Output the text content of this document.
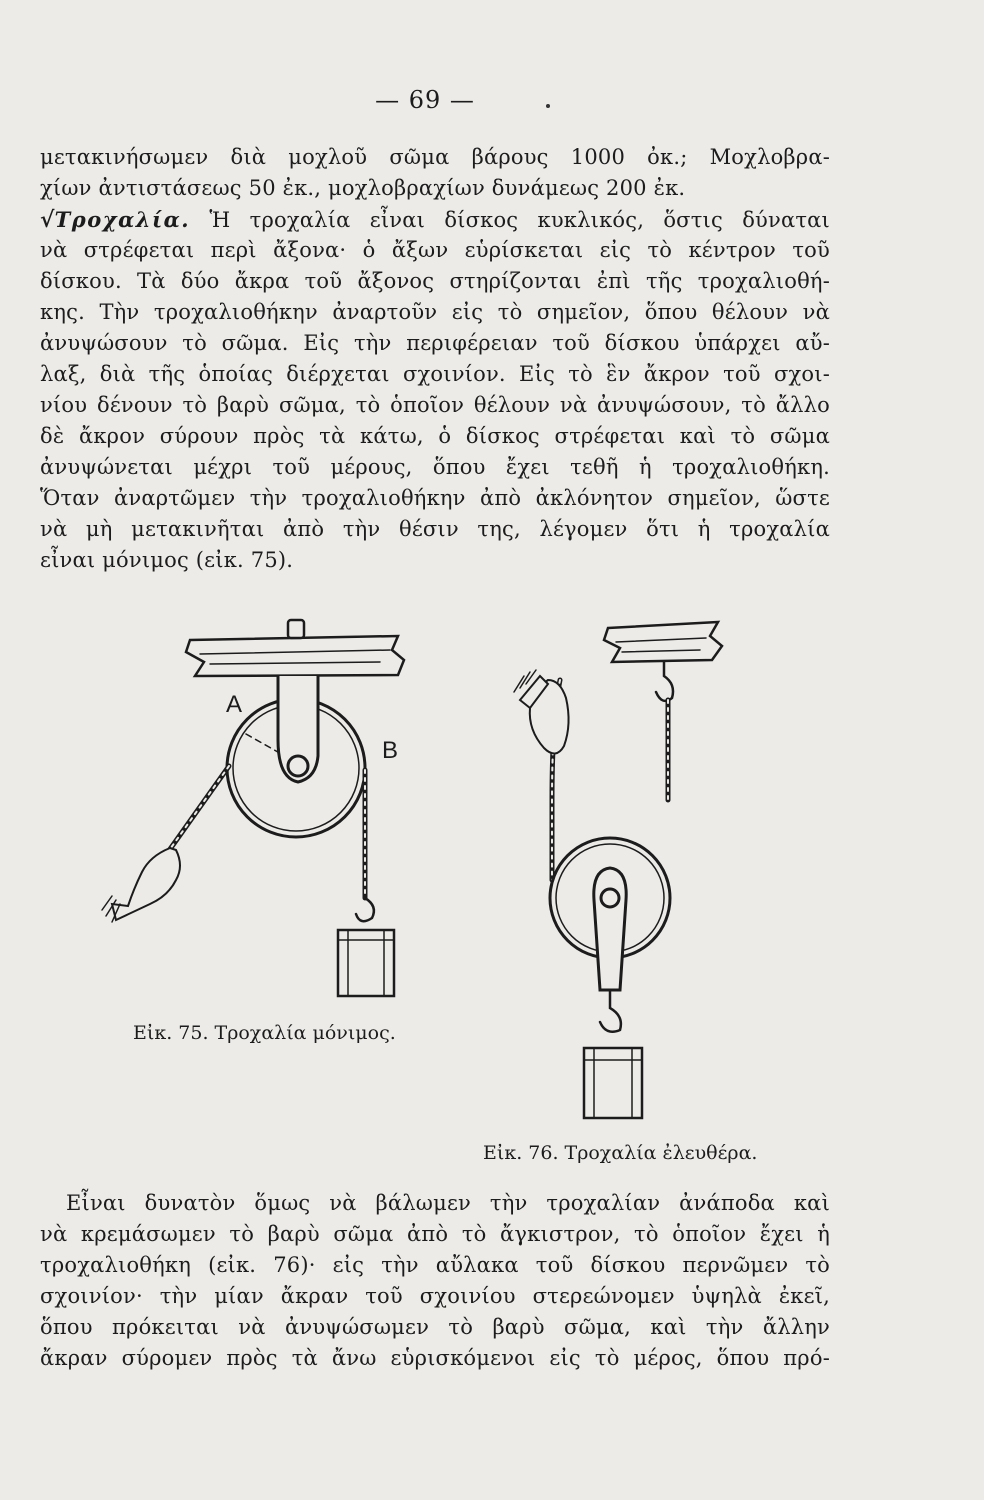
— 69 —
μετακινήσωμεν διὰ μοχλοῦ σῶμα βάρους 1000 ὀκ.; Μοχλοβρα-
χίων ἀντιστάσεως 50 ἐκ., μοχλοβραχίων δυνάμεως 200 ἐκ.
√Τροχαλία. Ἡ τροχαλία εἶναι δίσκος κυκλικός, ὅστις δύναται
νὰ στρέφεται περὶ ἄξονα· ὁ ἄξων εὑρίσκεται εἰς τὸ κέντρον τοῦ
δίσκου. Τὰ δύο ἄκρα τοῦ ἄξονος στηρίζονται ἐπὶ τῆς τροχαλιοθή-
κης. Τὴν τροχαλιοθήκην ἀναρτοῦν εἰς τὸ σημεῖον, ὅπου θέλουν νὰ
ἀνυψώσουν τὸ σῶμα. Εἰς τὴν περιφέρειαν τοῦ δίσκου ὑπάρχει αὔ-
λαξ, διὰ τῆς ὁποίας διέρχεται σχοινίον. Εἰς τὸ ἓν ἄκρον τοῦ σχοι-
νίου δένουν τὸ βαρὺ σῶμα, τὸ ὁποῖον θέλουν νὰ ἀνυψώσουν, τὸ ἄλλο
δὲ ἄκρον σύρουν πρὸς τὰ κάτω, ὁ δίσκος στρέφεται καὶ τὸ σῶμα
ἀνυψώνεται μέχρι τοῦ μέρους, ὅπου ἔχει τεθῆ ἡ τροχαλιοθήκη.
Ὅταν ἀναρτῶμεν τὴν τροχαλιοθήκην ἀπὸ ἀκλόνητον σημεῖον, ὥστε
νὰ μὴ μετακινῆται ἀπὸ τὴν θέσιν της, λέγομεν ὅτι ἡ τροχαλία
εἶναι μόνιμος (εἰκ. 75).
A
B
Εἰκ. 75. Τροχαλία μόνιμος.
Εἰκ. 76. Τροχαλία ἐλευθέρα.
Εἶναι δυνατὸν ὅμως νὰ βάλωμεν τὴν τροχαλίαν ἀνάποδα καὶ
νὰ κρεμάσωμεν τὸ βαρὺ σῶμα ἀπὸ τὸ ἄγκιστρον, τὸ ὁποῖον ἔχει ἡ
τροχαλιοθήκη (εἰκ. 76)· εἰς τὴν αὔλακα τοῦ δίσκου περνῶμεν τὸ
σχοινίον· τὴν μίαν ἄκραν τοῦ σχοινίου στερεώνομεν ὑψηλὰ ἐκεῖ,
ὅπου πρόκειται νὰ ἀνυψώσωμεν τὸ βαρὺ σῶμα, καὶ τὴν ἄλλην
ἄκραν σύρομεν πρὸς τὰ ἄνω εὑρισκόμενοι εἰς τὸ μέρος, ὅπου πρό-
